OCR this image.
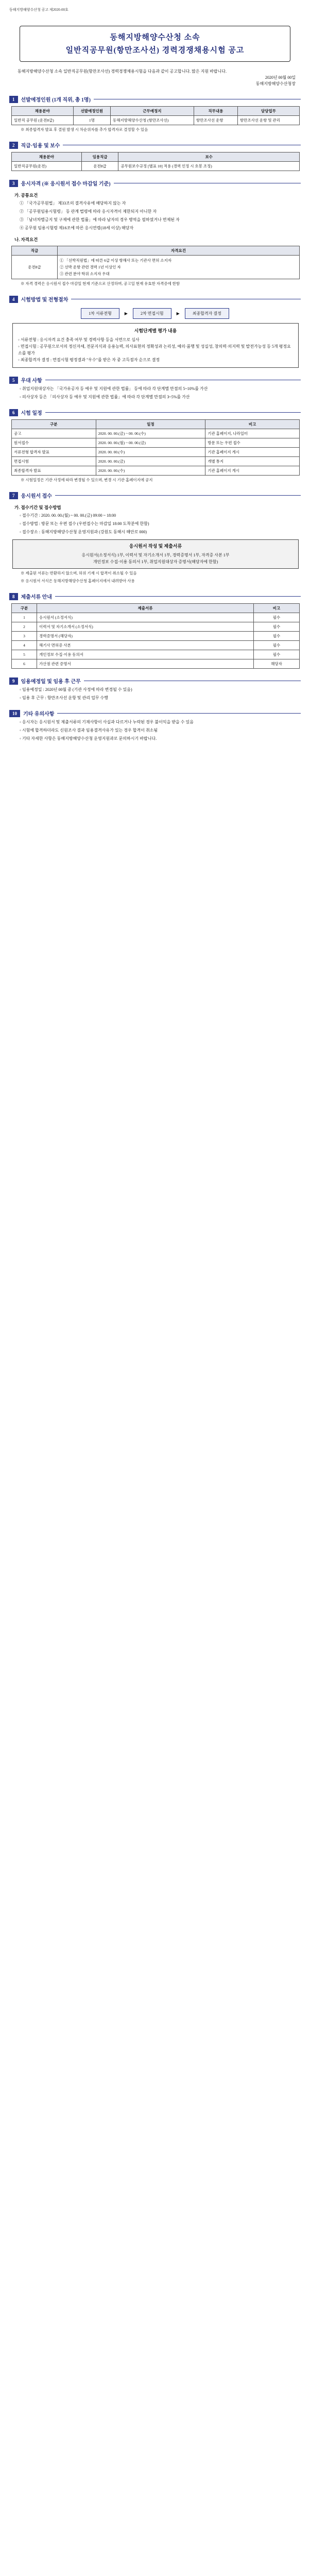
동해지방해양수산청 공고 제2020-00호
동해지방해양수산청 소속
일반직공무원(항만조사선) 경력경쟁채용시험 공고
동해지방해양수산청 소속 일반직공무원(항만조사선) 경력경쟁채용시험을 다음과 같이 공고합니다. 많은 지원 바랍니다.
2020년 00월 00일
동해지방해양수산청장
1	선발예정인원 (1개 직위, 총 1명)
채용분야	선발예정인원	근무예정지	직무내용	담당업무
일반직 공무원 (운전8급)	1명	동해지방해양수산청 (항만조사선)	항만조사선 운항	항만조사선 운항 및 관리
※ 최종합격자 발표 후 결원 발생 시 차순위자를 추가 합격자로 결정할 수 있음
2	직급·임용 및 보수
채용분야	임용직급	보수
일반직공무원(운전)	운전8급	공무원보수규정 [별표 10] 적용 (경력 인정 시 호봉 조정)
3	응시자격 (※ 응시원서 접수 마감일 기준)
가. 공통요건
① 「국가공무원법」 제33조의 결격사유에 해당하지 않는 자
② 「공무원임용시험령」 등 관계 법령에 따라 응시자격이 제한되지 아니한 자
③ 「남녀차별금지 및 구제에 관한 법률」에 따라 남자의 경우 병역을 필하였거나 면제된 자
④ 공무원 임용시험령 제16조에 따른 응시연령(18세 이상) 해당자
나. 자격요건
직급	자격요건
운전8급	① 「선박직원법」에 따른 6급 이상 항해사 또는 기관사 면허 소지자
② 선박 운항 관련 경력 1년 이상인 자
③ 관련 분야 학위 소지자 우대
※ 자격 경력은 응시원서 접수 마감일 현재 기준으로 산정하며, 공고일 현재 유효한 자격증에 한함
4	시험방법 및 전형절차
1차 서류전형	▶	2차 면접시험	▶	최종합격자 결정
시험단계별 평가 내용
◦ 서류전형 : 응시자격 요건 충족 여부 및 경력사항 등을 서면으로 심사
◦ 면접시험 : 공무원으로서의 정신자세, 전문지식과 응용능력, 의사표현의 정확성과 논리성, 예의·품행 및 성실성, 창의력·의지력 및 발전가능성 등 5개 평정요소를 평가
◦ 최종합격자 결정 : 면접시험 평정결과 "우수"를 받은 자 중 고득점자 순으로 결정
5	우대 사항
◦ 취업지원대상자는 「국가유공자 등 예우 및 지원에 관한 법률」 등에 따라 각 단계별 만점의 5~10%를 가산
◦ 의사상자 등은 「의사상자 등 예우 및 지원에 관한 법률」에 따라 각 단계별 만점의 3~5%를 가산
6	시험 일정
구분	일정	비고
공고	2020. 00. 00.(금) ~ 00. 00.(수)	기관 홈페이지, 나라일터
원서접수	2020. 00. 00.(월) ~ 00. 00.(금)	방문 또는 우편 접수
서류전형 합격자 발표	2020. 00. 00.(수)	기관 홈페이지 게시
면접시험	2020. 00. 00.(금)	개별 통지
최종합격자 발표	2020. 00. 00.(수)	기관 홈페이지 게시
※ 시험일정은 기관 사정에 따라 변경될 수 있으며, 변경 시 기관 홈페이지에 공지
7	응시원서 접수
가. 접수기간 및 접수방법
◦ 접수기간 : 2020. 00. 00.(월) ~ 00. 00.(금) 09:00 ~ 18:00
◦ 접수방법 : 방문 또는 우편 접수 (우편접수는 마감일 18:00 도착분에 한함)
◦ 접수장소 : 동해지방해양수산청 운영지원과 (강원도 동해시 해안로 000)
응시원서 작성 및 제출서류
응시원서(소정서식) 1부, 이력서 및 자기소개서 1부, 경력증명서 1부, 자격증 사본 1부
개인정보 수집·이용 동의서 1부, 취업지원대상자 증명서(해당자에 한함)
※ 제출된 서류는 반환하지 않으며, 허위 기재 시 합격이 취소될 수 있음
※ 응시원서 서식은 동해지방해양수산청 홈페이지에서 내려받아 사용
8	제출서류 안내
구분	제출서류	비고
1	응시원서 (소정서식)	필수
2	이력서 및 자기소개서 (소정서식)	필수
3	경력증명서 (해당자)	필수
4	해기사 면허증 사본	필수
5	개인정보 수집·이용 동의서	필수
6	가산점 관련 증명서	해당자
9	임용예정일 및 임용 후 근무
◦ 임용예정일 : 2020년 00월 중 (기관 사정에 따라 변경될 수 있음)
◦ 임용 후 근무 : 항만조사선 운항 및 관리 업무 수행
10	기타 유의사항
◦ 응시자는 응시원서 및 제출서류의 기재사항이 사실과 다르거나 누락된 경우 불이익을 받을 수 있음
◦ 시험에 합격하더라도 신원조사 결과 임용결격사유가 있는 경우 합격이 취소됨
◦ 기타 자세한 사항은 동해지방해양수산청 운영지원과로 문의하시기 바랍니다.
